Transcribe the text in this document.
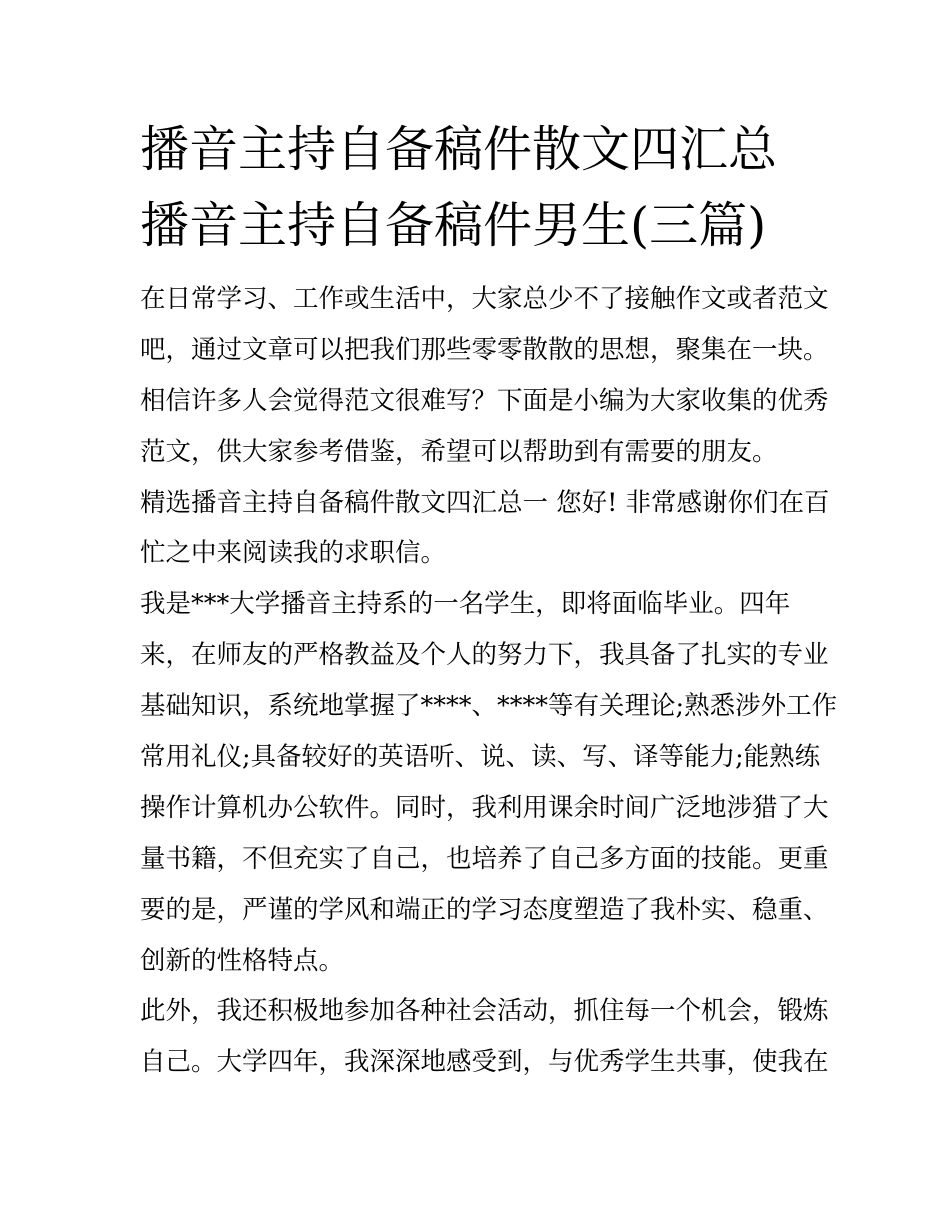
播音主持自备稿件散文四汇总
播音主持自备稿件男生(三篇)
在日常学习、工作或生活中，大家总少不了接触作文或者范文
吧，通过文章可以把我们那些零零散散的思想，聚集在一块。
相信许多人会觉得范文很难写？下面是小编为大家收集的优秀
范文，供大家参考借鉴，希望可以帮助到有需要的朋友。
精选播音主持自备稿件散文四汇总一 您好! 非常感谢你们在百
忙之中来阅读我的求职信。
我是***大学播音主持系的一名学生，即将面临毕业。四年
来，在师友的严格教益及个人的努力下，我具备了扎实的专业
基础知识，系统地掌握了****、****等有关理论;熟悉涉外工作
常用礼仪;具备较好的英语听、说、读、写、译等能力;能熟练
操作计算机办公软件。同时，我利用课余时间广泛地涉猎了大
量书籍，不但充实了自己，也培养了自己多方面的技能。更重
要的是，严谨的学风和端正的学习态度塑造了我朴实、稳重、
创新的性格特点。
此外，我还积极地参加各种社会活动，抓住每一个机会，锻炼
自己。大学四年，我深深地感受到，与优秀学生共事，使我在
